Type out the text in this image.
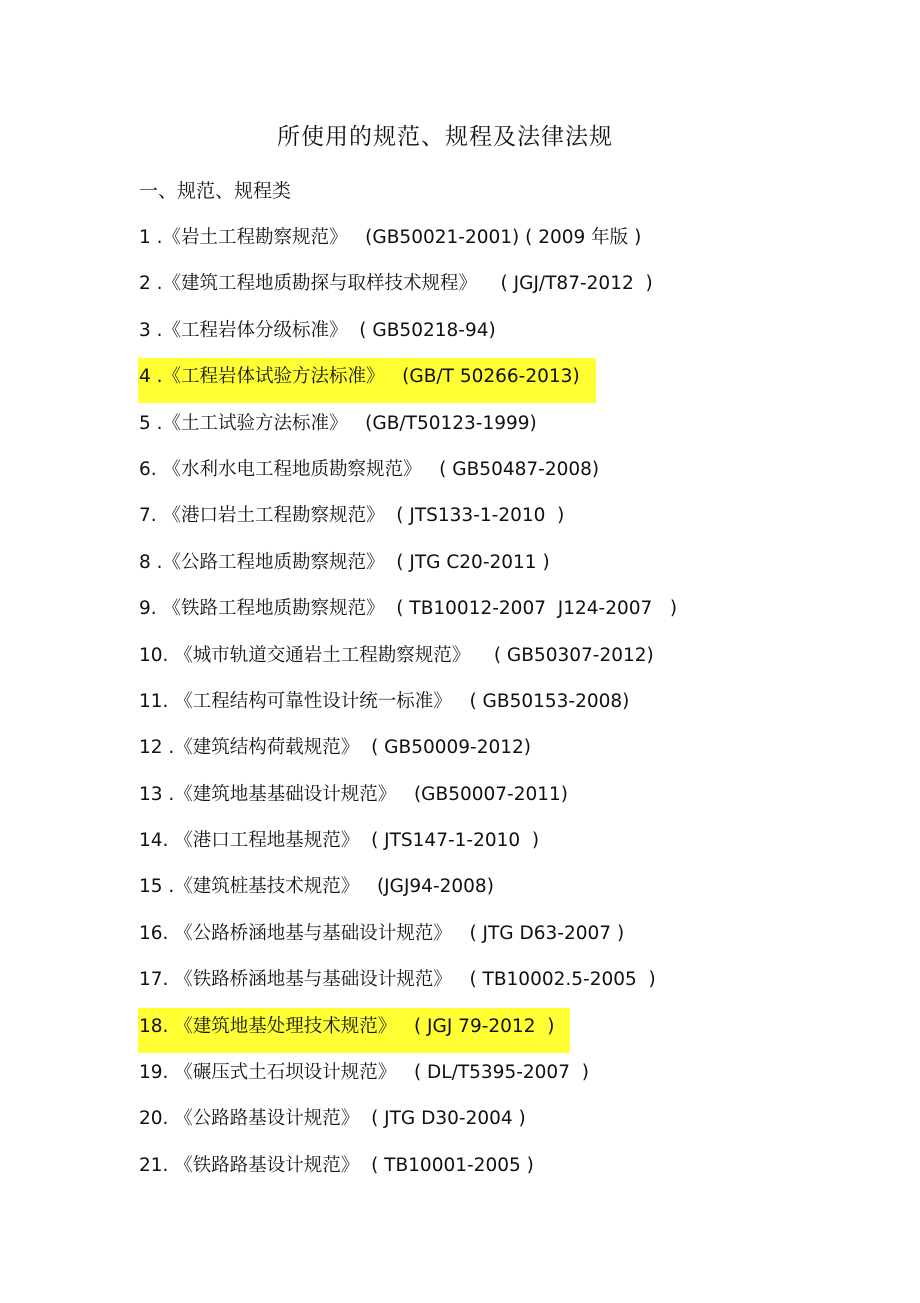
所使用的规范、规程及法律法规
一、规范、规程类
1 .《岩土工程勘察规范》   (GB50021-2001) ( 2009 年版 )
2 .《建筑工程地质勘探与取样技术规程》    ( JGJ/T87-2012  )
3 .《工程岩体分级标准》  ( GB50218-94)
4 .《工程岩体试验方法标准》   (GB/T 50266-2013)
5 .《土工试验方法标准》   (GB/T50123-1999)
6. 《水利水电工程地质勘察规范》   ( GB50487-2008)
7. 《港口岩土工程勘察规范》  ( JTS133-1-2010  )
8 .《公路工程地质勘察规范》  ( JTG C20-2011 )
9. 《铁路工程地质勘察规范》  ( TB10012-2007  J124-2007   )
10. 《城市轨道交通岩土工程勘察规范》    ( GB50307-2012)
11. 《工程结构可靠性设计统一标准》   ( GB50153-2008)
12 .《建筑结构荷载规范》  ( GB50009-2012)
13 .《建筑地基基础设计规范》   (GB50007-2011)
14. 《港口工程地基规范》  ( JTS147-1-2010  )
15 .《建筑桩基技术规范》   (JGJ94-2008)
16. 《公路桥涵地基与基础设计规范》   ( JTG D63-2007 )
17. 《铁路桥涵地基与基础设计规范》   ( TB10002.5-2005  )
18. 《建筑地基处理技术规范》   ( JGJ 79-2012  )
19. 《碾压式土石坝设计规范》   ( DL/T5395-2007  )
20. 《公路路基设计规范》  ( JTG D30-2004 )
21. 《铁路路基设计规范》  ( TB10001-2005 )
